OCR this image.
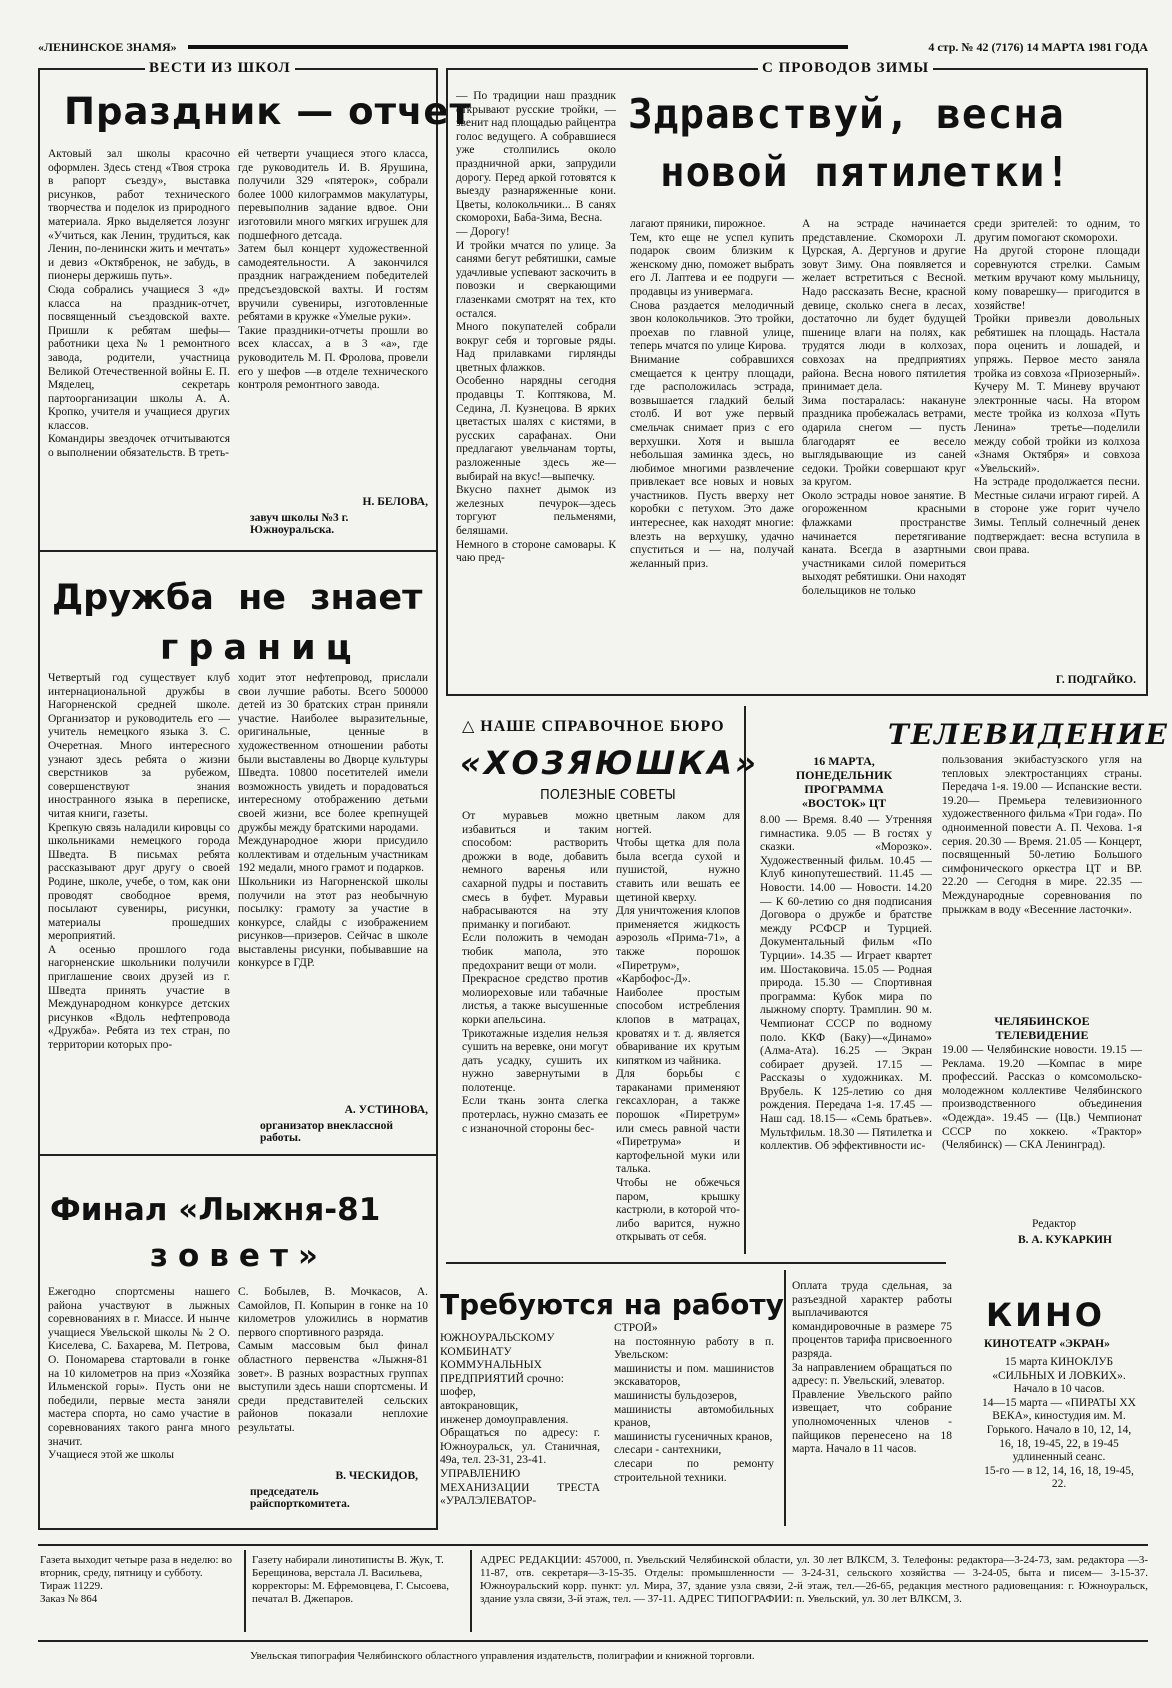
«ЛЕНИНСКОЕ ЗНАМЯ»	4 стр. № 42 (7176) 14 МАРТА 1981 ГОДА
ВЕСТИ ИЗ ШКОЛ
Праздник — отчет
Актовый зал школы красочно оформлен. Здесь стенд «Твоя строка в рапорт съезду», выставка рисунков, работ технического творчества и поделок из природного материала. Ярко выделяется лозунг «Учиться, как Ленин, трудиться, как Ленин, по-ленински жить и мечтать» и девиз «Октябренок, не забудь, в пионеры держишь путь».
Сюда собрались учащиеся 3 «д» класса на праздник-отчет, посвященный съездовской вахте. Пришли к ребятам шефы— работники цеха № 1 ремонтного завода, родители, участница Великой Отечественной войны Е. П. Мяделец, секретарь партоорганизации школы А. А. Кропко, учителя и учащиеся других классов.
Командиры звездочек отчитываются о выполнении обязательств. В треть-
ей четверти учащиеся этого класса, где руководитель И. В. Ярушина, получили 329 «пятерок», собрали более 1000 килограммов макулатуры, перевыполнив задание вдвое. Они изготовили много мягких игрушек для подшефного детсада.
Затем был концерт художественной самодеятельности. А закончился праздник награждением победителей предсъездовской вахты. И гостям вручили сувениры, изготовленные ребятами в кружке «Умелые руки».
Такие праздники-отчеты прошли во всех классах, а в 3 «а», где руководитель М. П. Фролова, провели его у шефов —в отделе технического контроля ремонтного завода.
Н. БЕЛОВА,
завуч школы №3 г. Южноуральска.
Дружба не знает
границ
Четвертый год существует клуб интернациональной дружбы в Нагорненской средней школе. Организатор и руководитель его —учитель немецкого языка З. С. Очеретная. Много интересного узнают здесь ребята о жизни сверстников за рубежом, совершенствуют знания иностранного языка в переписке, читая книги, газеты.
Крепкую связь наладили кировцы со школьниками немецкого города Шведта. В письмах ребята рассказывают друг другу о своей Родине, школе, учебе, о том, как они проводят свободное время, посылают сувениры, рисунки, материалы прошедших мероприятий.
А осенью прошлого года нагорненские школьники получили приглашение своих друзей из г. Шведта принять участие в Международном конкурсе детских рисунков «Вдоль нефтепровода «Дружба». Ребята из тех стран, по территории которых про-
ходит этот нефтепровод, прислали свои лучшие работы. Всего 500000 детей из 30 братских стран приняли участие. Наиболее выразительные, оригинальные, ценные в художественном отношении работы были выставлены во Дворце культуры Шведта. 10800 посетителей имели возможность увидеть и порадоваться интересному отображению детьми своей жизни, все более крепнущей дружбы между братскими народами.
Международное жюри присудило коллективам и отдельным участникам 192 медали, много грамот и подарков.
Школьники из Нагорненской школы получили на этот раз необычную посылку: грамоту за участие в конкурсе, слайды с изображением рисунков—призеров. Сейчас в школе выставлены рисунки, побывавшие на конкурсе в ГДР.
А. УСТИНОВА,
организатор внеклассной работы.
Финал «Лыжня-81
зовет»
Ежегодно спортсмены нашего района участвуют в лыжных соревнованиях в г. Миассе. И нынче учащиеся Увельской школы № 2 О. Киселева, С. Бахарева, М. Петрова, О. Пономарева стартовали в гонке на 10 километров на приз «Хозяйка Ильменской горы». Пусть они не победили, первые места заняли мастера спорта, но само участие в соревнованиях такого ранга много значит.
Учащиеся этой же школы
С. Бобылев, В. Мочкасов, А. Самойлов, П. Копырин в гонке на 10 километров уложились в норматив первого спортивного разряда.
Самым массовым был финал областного первенства «Лыжня-81 зовет». В разных возрастных группах выступили здесь наши спортсмены. И среди представителей сельских районов показали неплохие результаты.
В. ЧЕСКИДОВ,
председатель райспорткомитета.
С ПРОВОДОВ ЗИМЫ
— По традиции наш праздник открывают русские тройки, — звенит над площадью райцентра голос ведущего. А собравшиеся уже столпились около праздничной арки, запрудили дорогу. Перед аркой готовятся к выезду разнаряженные кони. Цветы, колокольчики... В санях скоморохи, Баба-Зима, Весна.
— Дорогу!
И тройки мчатся по улице. За санями бегут ребятишки, самые удачливые успевают заскочить в повозки и сверкающими глазенками смотрят на тех, кто остался.
Много покупателей собрали вокруг себя и торговые ряды. Над прилавками гирлянды цветных флажков.
Особенно нарядны сегодня продавцы Т. Коптякова, М. Седина, Л. Кузнецова. В ярких цветастых шалях с кистями, в русских сарафанах. Они предлагают увельчанам торты, разложенные здесь же—выбирай на вкус!—выпечку.
Вкусно пахнет дымок из железных печурок—здесь торгуют пельменями, беляшами.
Немного в стороне самовары. К чаю пред-
Здравствуй, весна
новой пятилетки!
лагают пряники, пирожное.
Тем, кто еще не успел купить подарок своим близким к женскому дню, поможет выбрать его Л. Лаптева и ее подруги —продавцы из универмага.
Снова раздается мелодичный звон колокольчиков. Это тройки, проехав по главной улице, теперь мчатся по улице Кирова.
Внимание собравшихся смещается к центру площади, где расположилась эстрада, возвышается гладкий белый столб. И вот уже первый смельчак снимает приз с его верхушки. Хотя и вышла небольшая заминка здесь, но любимое многими развлечение привлекает все новых и новых участников. Пусть вверху нет коробки с петухом. Это даже интереснее, как находят многие: влезть на верхушку, удачно спуститься и — на, получай желанный приз.
А на эстраде начинается представление. Скоморохи Л. Цурская, А. Дергунов и другие зовут Зиму. Она появляется и желает встретиться с Весной. Надо рассказать Весне, красной девице, сколько снега в лесах, достаточно ли будет будущей пшенице влаги на полях, как трудятся люди в колхозах, совхозах на предприятиях района. Весна нового пятилетия принимает дела.
Зима постаралась: накануне праздника пробежалась ветрами, одарила снегом — пусть благодарят ее весело выглядывающие из саней седоки. Тройки совершают круг за кругом.
Около эстрады новое занятие. В огороженном красными флажками пространстве начинается перетягивание каната. Всегда в азартными участниками силой помериться выходят ребятишки. Они находят болельщиков не только
среди зрителей: то одним, то другим помогают скоморохи.
На другой стороне площади соревнуются стрелки. Самым метким вручают кому мыльницу, кому поварешку— пригодится в хозяйстве!
Тройки привезли довольных ребятишек на площадь. Настала пора оценить и лошадей, и упряжь. Первое место заняла тройка из совхоза «Приозерный». Кучеру М. Т. Миневу вручают электронные часы. На втором месте тройка из колхоза «Путь Ленина» третье—поделили между собой тройки из колхоза «Знамя Октября» и совхоза «Увельский».
На эстраде продолжается песни. Местные силачи играют гирей. А в стороне уже горит чучело Зимы. Теплый солнечный денек подтверждает: весна вступила в свои права.
Г. ПОДГАЙКО.
△ НАШЕ СПРАВОЧНОЕ БЮРО
«ХОЗЯЮШКА»
ПОЛЕЗНЫЕ СОВЕТЫ
От муравьев можно избавиться и таким способом: растворить дрожжи в воде, добавить немного варенья или сахарной пудры и поставить смесь в буфет. Муравьи набрасываются на эту приманку и погибают.
Если положить в чемодан тюбик мапола, это предохранит вещи от моли.
Прекрасное средство против молиорехoвые или табачные листья, а также высушенные корки апельсина.
Трикотажные изделия нельзя сушить на веревке, они могут дать усадку, сушить их нужно завернутыми в полотенце.
Если ткань зонта слегка протерлась, нужно смазать ее с изнаночной стороны бес-
цветным лаком для ногтей.
Чтобы щетка для пола была всегда сухой и пушистой, нужно ставить или вешать ее щетиной кверху.
Для уничтожения клопов применяется жидкость аэрозоль «Прима-71», а также порошок «Пиретрум», «Карбофос-Д».
Наиболее простым способом истребления клопов в матрацах, кроватях и т. д. является обваривание их крутым кипятком из чайника.
Для борьбы с тараканами применяют гексахлоран, а также порошок «Пиретрум» или смесь равной части «Пиретрума» и картофельной муки или талька.
Чтобы не обжечься паром, крышку кастрюли, в которой что-либо варится, нужно открывать от себя.
ТЕЛЕВИДЕНИЕ
16 МАРТА,
ПОНЕДЕЛЬНИК
ПРОГРАММА
«ВОСТОК» ЦТ
8.00 — Время. 8.40 — Утренняя гимнастика. 9.05 — В гостях у сказки. «Морозко». Художественный фильм. 10.45 — Клуб кинопутешествий. 11.45 — Новости. 14.00 — Новости. 14.20 — К 60-летию со дня подписания Договора о дружбе и братстве между РСФСР и Турцией. Документальный фильм «По Турции». 14.35 — Играет квартет им. Шостаковича. 15.05 — Родная природа. 15.30 — Спортивная программа: Кубок мира по лыжному спорту. Трамплин. 90 м. Чемпионат СССР по водному поло. ККФ (Баку)—«Динамо» (Алма-Ата). 16.25 — Экран собирает друзей. 17.15 — Рассказы о художниках. М. Врубель. К 125-летию со дня рождения. Передача 1-я. 17.45 — Наш сад. 18.15— «Семь братьев». Мультфильм. 18.30 — Пятилетка и коллектив. Об эффективности ис-
пользования экибастузского угля на тепловых электростанциях страны. Передача 1-я. 19.00 — Испанские вести. 19.20— Премьера телевизионного художественного фильма «Три года». По одноименной повести А. П. Чехова. 1-я серия. 20.30 — Время. 21.05 — Концерт, посвященный 50-летию Большого симфонического оркестра ЦТ и ВР. 22.20 — Сегодня в мире. 22.35 — Международные соревнования по прыжкам в воду «Весенние ласточки».
ЧЕЛЯБИНСКОЕ
ТЕЛЕВИДЕНИЕ
19.00 — Челябинские новости. 19.15 — Реклама. 19.20 —Компас в мире профессий. Рассказ о комсомольско-молодежном коллективе Челябинского производственного объединения «Одежда». 19.45 — (Цв.) Чемпионат СССР по хоккею. «Трактор» (Челябинск) — СКА Ленинград).
Редактор
В. А. КУКАРКИН
Требуются на работу
ЮЖНОУРАЛЬСКОМУ КОМБИНАТУ КОММУНАЛЬНЫХ ПРЕДПРИЯТИЙ срочно:
шофер,
автокрановщик,
инженер домоуправления.
Обращаться по адресу: г. Южноуральск, ул. Станичная, 49а, тел. 23-31, 23-41.
УПРАВЛЕНИЮ МЕХАНИЗАЦИИ ТРЕСТА «УРАЛЭЛЕВАТОР-
СТРОЙ»
на постоянную работу в п. Увельском:
машинисты и пом. машинистов экскаваторов,
машинисты бульдозеров,
машинисты автомобильных кранов,
машинисты гусеничных кранов,
слесари - сантехники,
слесари по ремонту строительной техники.
Оплата труда сдельная, за разъездной характер работы выплачиваются командировочные в размере 75 процентов тарифа присвоенного разряда.
За направлением обращаться по адресу: п. Увельский, элеватор.
Правление Увельского райпо извещает, что собрание уполномоченных членов - пайщиков перенесено на 18 марта. Начало в 11 часов.
КИНО
КИНОТЕАТР «ЭКРАН»
15 марта КИНОКЛУБ «СИЛЬНЫХ И ЛОВКИХ». Начало в 10 часов.
14—15 марта — «ПИРАТЫ XX ВЕКА», киностудия им. М. Горького. Начало в 10, 12, 14, 16, 18, 19-45, 22, в 19-45 удлиненный сеанс.
15-го — в 12, 14, 16, 18, 19-45, 22.
Газета выходит четыре раза в неделю: во вторник, среду, пятницу и субботу.
Тираж 11229.
Заказ № 864
Газету набирали линотиписты В. Жук, Т. Берещинова, верстала Л. Васильева, корректоры: М. Ефремовцева, Г. Сысоева, печатал В. Джепаров.
АДРЕС РЕДАКЦИИ: 457000, п. Увельский Челябинской области, ул. 30 лет ВЛКСМ, 3. Телефоны: редактора—3-24-73, зам. редактора —3-11-87, отв. секретаря—3-15-35. Отделы: промышленности — 3-24-31, сельского хозяйства — 3-24-05, быта и писем— 3-15-37. Южноуральский корр. пункт: ул. Мира, 37, здание узла связи, 2-й этаж, тел.—26-65, редакция местного радиовещания: г. Южноуральск, здание узла связи, 3-й этаж, тел. — 37-11. АДРЕС ТИПОГРАФИИ: п. Увельский, ул. 30 лет ВЛКСМ, 3.
Увельская типография Челябинского областного управления издательств, полиграфии и книжной торговли.
